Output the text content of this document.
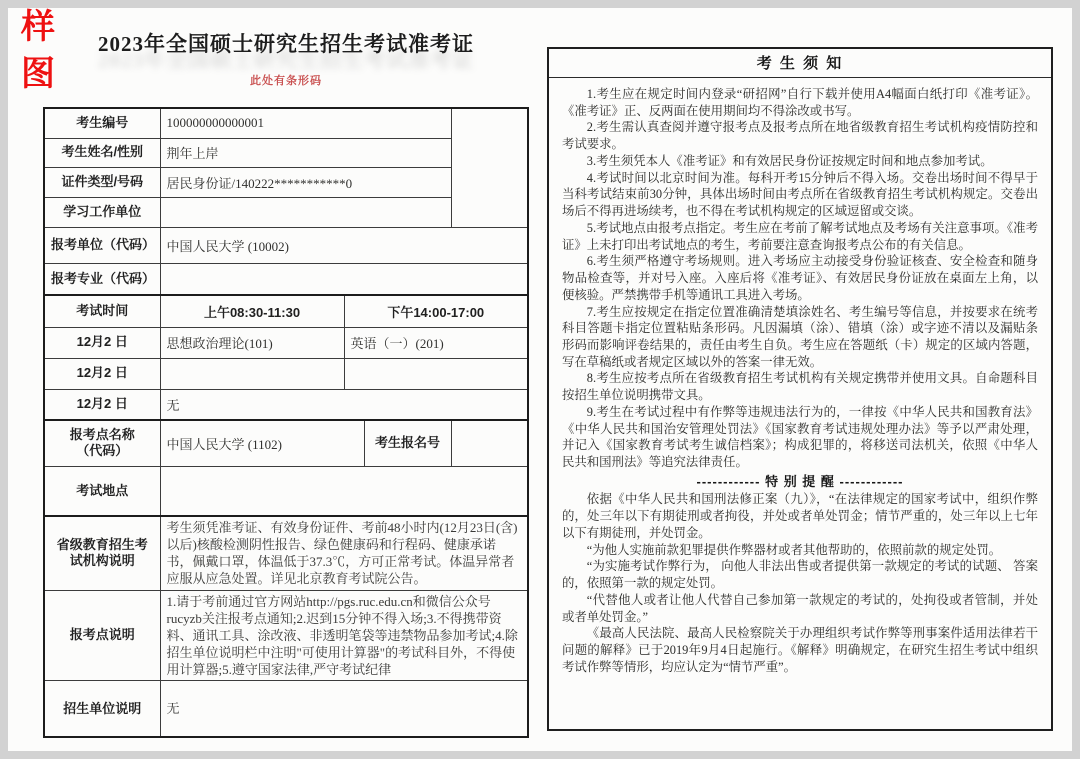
样
图
2023年全国硕士研究生招生考试准考证
此处有条形码
考生编号	100000000000001			
考生姓名/性别	荆年上岸			
证件类型/号码	居民身份证/140222***********0			
学习工作单位				
报考单位（代码）	中国人民大学 (10002)			
报考专业（代码）				
考试时间	上午08:30-11:30	下午14:00-17:00		
12月2 日	思想政治理论(101)	英语（一）(201)		
12月2 日				
12月2 日	无			

报考点名称
（代码）	中国人民大学 (1102)		考生报名号	
考试地点				
省级教育招生考试机构说明	考生须凭准考证、有效身份证件、考前48小时内(12月23日(含)以后)核酸检测阴性报告、绿色健康码和行程码、健康承诺书，佩戴口罩，体温低于37.3℃，方可正常考试。体温异常者应服从应急处置。详见北京教育考试院公告。			
报考点说明	1.请于考前通过官方网站http://pgs.ruc.edu.cn和微信公众号rucyzb关注报考点通知;2.迟到15分钟不得入场;3.不得携带资料、通讯工具、涂改液、非透明笔袋等违禁物品参加考试;4.除招生单位说明栏中注明"可使用计算器"的考试科目外，不得使用计算器;5.遵守国家法律,严守考试纪律			
招生单位说明	无			
考 生 须 知

1.考生应在规定时间内登录“研招网”自行下载并使用A4幅面白纸打印《准考证》。《准考证》正、反两面在使用期间均不得涂改或书写。

2.考生需认真查阅并遵守报考点及报考点所在地省级教育招生考试机构疫情防控和考试要求。

3.考生须凭本人《准考证》和有效居民身份证按规定时间和地点参加考试。

4.考试时间以北京时间为准。每科开考15分钟后不得入场。交卷出场时间不得早于当科考试结束前30分钟，具体出场时间由考点所在省级教育招生考试机构规定。交卷出场后不得再进场续考，也不得在考试机构规定的区域逗留或交谈。

5.考试地点由报考点指定。考生应在考前了解考试地点及考场有关注意事项。《准考证》上未打印出考试地点的考生，考前要注意查询报考点公布的有关信息。

6.考生须严格遵守考场规则。进入考场应主动接受身份验证核查、安全检查和随身物品检查等，并对号入座。入座后将《准考证》、有效居民身份证放在桌面左上角，以便核验。严禁携带手机等通讯工具进入考场。

7.考生应按规定在指定位置准确清楚填涂姓名、考生编号等信息，并按要求在统考科目答题卡指定位置粘贴条形码。凡因漏填（涂）、错填（涂）或字迹不清以及漏贴条形码而影响评卷结果的，责任由考生自负。考生应在答题纸（卡）规定的区域内答题，写在草稿纸或者规定区域以外的答案一律无效。

8.考生应按考点所在省级教育招生考试机构有关规定携带并使用文具。自命题科目按招生单位说明携带文具。

9.考生在考试过程中有作弊等违规违法行为的，一律按《中华人民共和国教育法》《中华人民共和国治安管理处罚法》《国家教育考试违规处理办法》等予以严肃处理，并记入《国家教育考试考生诚信档案》；构成犯罪的，将移送司法机关，依照《中华人民共和国刑法》等追究法律责任。

------------ 特 别 提 醒 ------------

依据《中华人民共和国刑法修正案（九）》，“在法律规定的国家考试中，组织作弊的，处三年以下有期徒刑或者拘役，并处或者单处罚金；情节严重的，处三年以上七年以下有期徒刑，并处罚金。

“为他人实施前款犯罪提供作弊器材或者其他帮助的，依照前款的规定处罚。

“为实施考试作弊行为， 向他人非法出售或者提供第一款规定的考试的试题、 答案的，依照第一款的规定处罚。

“代替他人或者让他人代替自己参加第一款规定的考试的，处拘役或者管制，并处或者单处罚金。”

《最高人民法院、最高人民检察院关于办理组织考试作弊等刑事案件适用法律若干问题的解释》已于2019年9月4日起施行。《解释》明确规定，在研究生招生考试中组织考试作弊等情形，均应认定为“情节严重”。
